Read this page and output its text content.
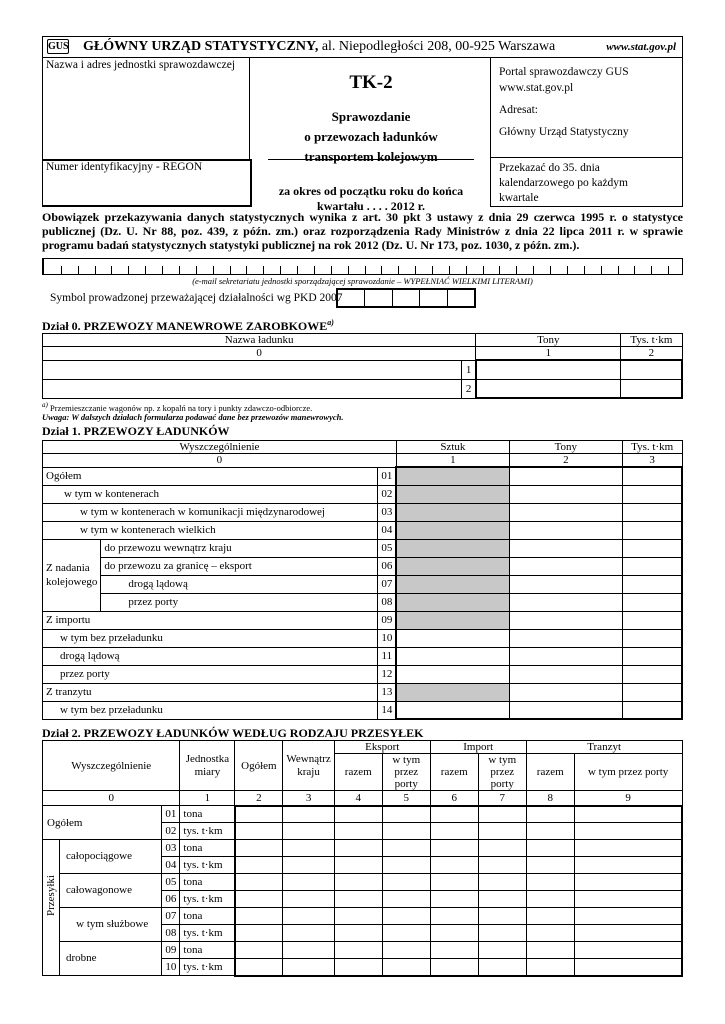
GUS GŁÓWNY URZĄD STATYSTYCZNY, al. Niepodległości 208, 00-925 Warszawa	www.stat.gov.pl
Nazwa i adres jednostki sprawozdawczej
Numer identyfikacyjny - REGON
TK-2
Sprawozdanie
o przewozach ładunków
transportem kolejowym
za okres od początku roku do końca
kwartału . . . . 2012 r.
Portal sprawozdawczy GUS
www.stat.gov.pl
Adresat:
Główny Urząd Statystyczny
Przekazać do 35. dnia
kalendarzowego po każdym
kwartale
Obowiązek przekazywania danych statystycznych wynika z art. 30 pkt 3 ustawy z dnia 29 czerwca 1995 r. o statystyce publicznej (Dz. U. Nr 88, poz. 439, z późn. zm.) oraz rozporządzenia Rady Ministrów z dnia 22 lipca 2011 r. w sprawie programu badań statystycznych statystyki publicznej na rok 2012 (Dz. U. Nr 173, poz. 1030, z późn. zm.).
(e-mail sekretariatu jednostki sporządzającej sprawozdanie – WYPEŁNIAĆ WIELKIMI LITERAMI)
Symbol prowadzonej przeważającej działalności wg PKD 2007
Dział 0. PRZEWOZY MANEWROWE ZAROBKOWE$^{a)}$
Nazwa ładunku		Tony	Tys. t·km
0		1	2
	1		
	2		
$^{a)}$ Przemieszczanie wagonów np. z kopalń na tory i punkty zdawczo-odbiorcze.
Uwaga: W dalszych działach formularza podawać dane bez przewozów manewrowych.
Dział 1. PRZEWOZY ŁADUNKÓW
Wyszczególnienie			Sztuk	Tony	Tys. t·km
0			1	2	3
Ogółem		01			
w tym w kontenerach		02			
w tym w kontenerach w komunikacji międzynarodowej		03			
w tym w kontenerach wielkich		04			
Z nadania kolejowego	do przewozu wewnątrz kraju	05			
	do przewozu za granicę – eksport	06			
	drogą lądową	07			
	przez porty	08			
Z importu		09			
w tym bez przeładunku		10			
drogą lądową		11			
przez porty		12			
Z tranzytu		13			
w tym bez przeładunku		14			
Dział 2. PRZEWOZY ŁADUNKÓW WEDŁUG RODZAJU PRZESYŁEK
Wyszczególnienie			Jednostka miary	Ogółem	Wewnątrz kraju	Eksport		Import		Tranzyt	
						razem	w tym przez porty	razem	w tym przez porty	razem	w tym przez porty

0			1	2	3	4	5	6	7	8	9
Ogółem		01	tona								
		02	tys. t·km								

Przesyłki	całopociągowe	03	tona								
		04	tys. t·km								
	całowagonowe	05	tona								
		06	tys. t·km								
	w tym służbowe	07	tona								
		08	tys. t·km								
	drobne	09	tona								
		10	tys. t·km								
